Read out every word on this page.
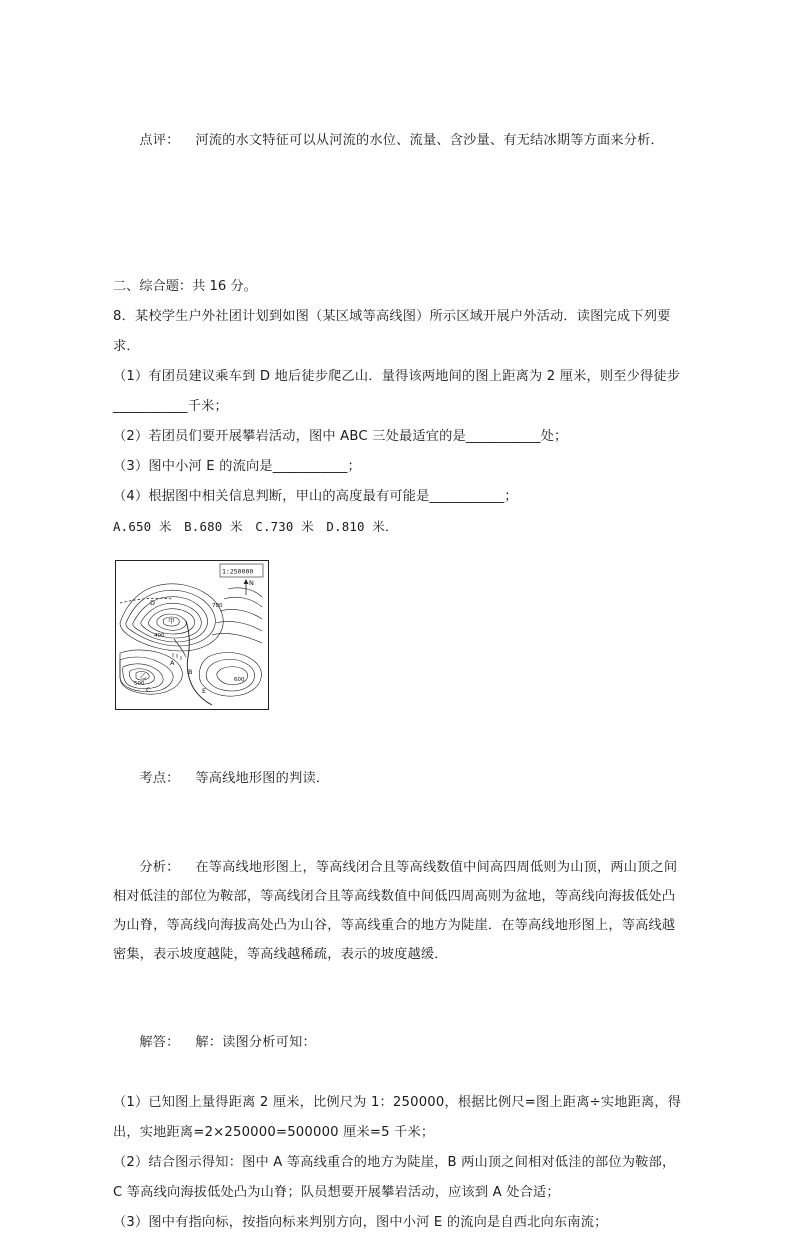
点评： 河流的水文特征可以从河流的水位、流量、含沙量、有无结冰期等方面来分析．

二、综合题：共 16 分。
8．某校学生户外社团计划到如图（某区域等高线图）所示区域开展户外活动．读图完成下列要求．
（1）有团员建议乘车到 D 地后徒步爬乙山．量得该两地间的图上距离为 2 厘米，则至少得徒步___________千米；
（2）若团员们要开展攀岩活动，图中 ABC 三处最适宜的是___________处；
（3）图中小河 E 的流向是___________；
（4）根据图中相关信息判断，甲山的高度最有可能是___________；
A.650 米　B.680 米　C.730 米　D.810 米．
1:250000
N
D
A
B
C	E
甲
乙
400
500
600
700

考点： 等高线地形图的判读．

分析： 在等高线地形图上，等高线闭合且等高线数值中间高四周低则为山顶，两山顶之间相对低洼的部位为鞍部，等高线闭合且等高线数值中间低四周高则为盆地，等高线向海拔低处凸为山脊，等高线向海拔高处凸为山谷，等高线重合的地方为陡崖．在等高线地形图上，等高线越密集，表示坡度越陡，等高线越稀疏，表示的坡度越缓．

解答： 解：读图分析可知：

（1）已知图上量得距离 2 厘米，比例尺为 1：250000，根据比例尺=图上距离÷实地距离，得出，实地距离=2×250000=500000 厘米=5 千米；
（2）结合图示得知：图中 A 等高线重合的地方为陡崖，B 两山顶之间相对低洼的部位为鞍部，C 等高线向海拔低处凸为山脊；队员想要开展攀岩活动，应该到 A 处合适；
（3）图中有指向标，按指向标来判别方向，图中小河 E 的流向是自西北向东南流；
